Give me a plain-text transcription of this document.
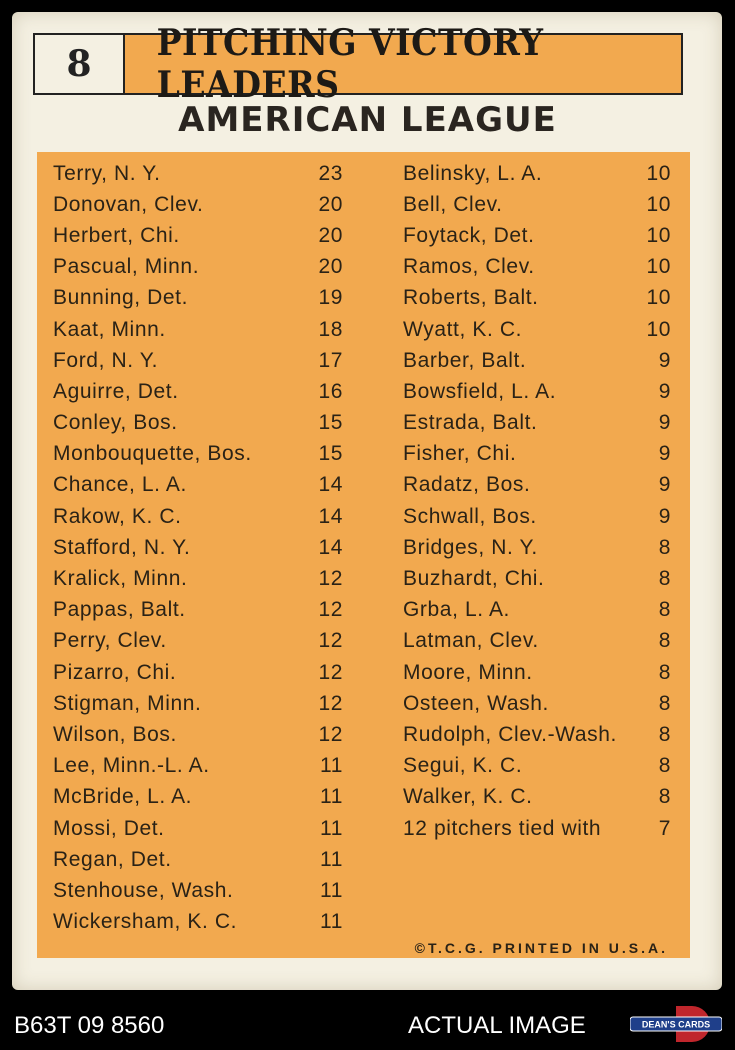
8	PITCHING VICTORY LEADERS
AMERICAN LEAGUE
Terry, N. Y.	23
Donovan, Clev.	20
Herbert, Chi.	20
Pascual, Minn.	20
Bunning, Det.	19
Kaat, Minn.	18
Ford, N. Y.	17
Aguirre, Det.	16
Conley, Bos.	15
Monbouquette, Bos.	15
Chance, L. A.	14
Rakow, K. C.	14
Stafford, N. Y.	14
Kralick, Minn.	12
Pappas, Balt.	12
Perry, Clev.	12
Pizarro, Chi.	12
Stigman, Minn.	12
Wilson, Bos.	12
Lee, Minn.-L. A.	11
McBride, L. A.	11
Mossi, Det.	11
Regan, Det.	11
Stenhouse, Wash.	11
Wickersham, K. C.	11
Belinsky, L. A.	10
Bell, Clev.	10
Foytack, Det.	10
Ramos, Clev.	10
Roberts, Balt.	10
Wyatt, K. C.	10
Barber, Balt.	9
Bowsfield, L. A.	9
Estrada, Balt.	9
Fisher, Chi.	9
Radatz, Bos.	9
Schwall, Bos.	9
Bridges, N. Y.	8
Buzhardt, Chi.	8
Grba, L. A.	8
Latman, Clev.	8
Moore, Minn.	8
Osteen, Wash.	8
Rudolph, Clev.-Wash.	8
Segui, K. C.	8
Walker, K. C.	8
12 pitchers tied with	7
©T.C.G. PRINTED IN U.S.A.
B63T 09 8560	ACTUAL IMAGE	DEAN'S CARDS
